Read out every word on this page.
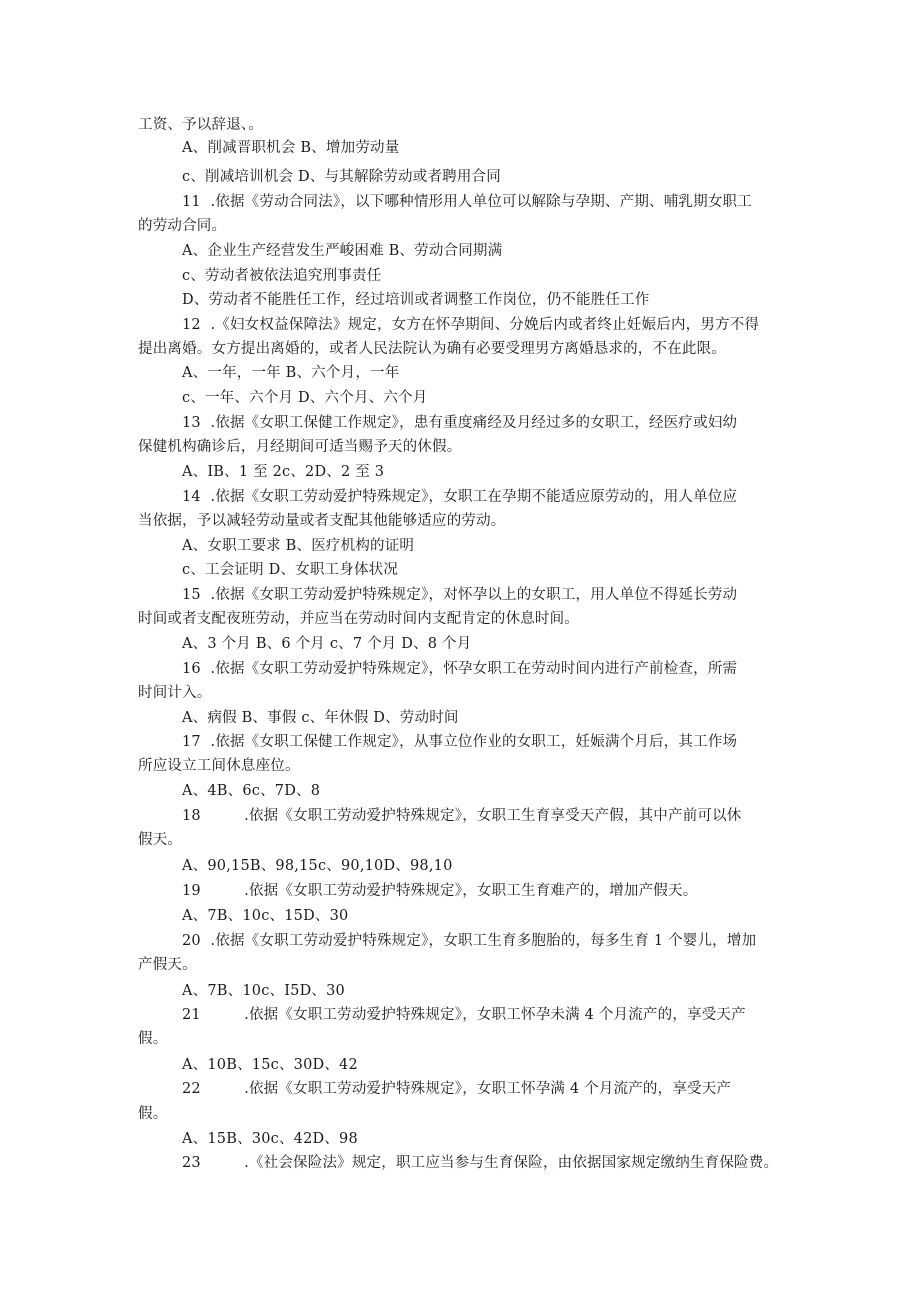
工资、予以辞退、。
A、削减晋职机会 B、增加劳动量
c、削减培训机会 D、与其解除劳动或者聘用合同
11  .依据《劳动合同法》，以下哪种情形用人单位可以解除与孕期、产期、哺乳期女职工
的劳动合同。
A、企业生产经营发生严峻困难 B、劳动合同期满
c、劳动者被依法追究刑事责任
D、劳动者不能胜任工作，经过培训或者调整工作岗位，仍不能胜任工作
12  .《妇女权益保障法》规定，女方在怀孕期间、分娩后内或者终止妊娠后内，男方不得
提出离婚。女方提出离婚的，或者人民法院认为确有必要受理男方离婚恳求的，不在此限。
A、一年，一年 B、六个月，一年
c、一年、六个月 D、六个月、六个月
13  .依据《女职工保健工作规定》，患有重度痛经及月经过多的女职工，经医疗或妇幼
保健机构确诊后，月经期间可适当赐予天的休假。
A、IB、1 至 2c、2D、2 至 3
14  .依据《女职工劳动爱护特殊规定》，女职工在孕期不能适应原劳动的，用人单位应
当依据，予以减轻劳动量或者支配其他能够适应的劳动。
A、女职工要求 B、医疗机构的证明
c、工会证明 D、女职工身体状况
15  .依据《女职工劳动爱护特殊规定》，对怀孕以上的女职工，用人单位不得延长劳动
时间或者支配夜班劳动，并应当在劳动时间内支配肯定的休息时间。
A、3 个月 B、6 个月 c、7 个月 D、8 个月
16  .依据《女职工劳动爱护特殊规定》，怀孕女职工在劳动时间内进行产前检查，所需
时间计入。
A、病假 B、事假 c、年休假 D、劳动时间
17  .依据《女职工保健工作规定》，从事立位作业的女职工，妊娠满个月后，其工作场
所应设立工间休息座位。
A、4B、6c、7D、8
18         .依据《女职工劳动爱护特殊规定》，女职工生育享受天产假，其中产前可以休
假天。
A、90,15B、98,15c、90,10D、98,10
19         .依据《女职工劳动爱护特殊规定》，女职工生育难产的，增加产假天。
A、7B、10c、15D、30
20  .依据《女职工劳动爱护特殊规定》，女职工生育多胞胎的，每多生育 1 个婴儿，增加
产假天。
A、7B、10c、I5D、30
21         .依据《女职工劳动爱护特殊规定》，女职工怀孕未满 4 个月流产的，享受天产
假。
A、10B、15c、30D、42
22         .依据《女职工劳动爱护特殊规定》，女职工怀孕满 4 个月流产的，享受天产
假。
A、15B、30c、42D、98
23         .《社会保险法》规定，职工应当参与生育保险，由依据国家规定缴纳生育保险费。
